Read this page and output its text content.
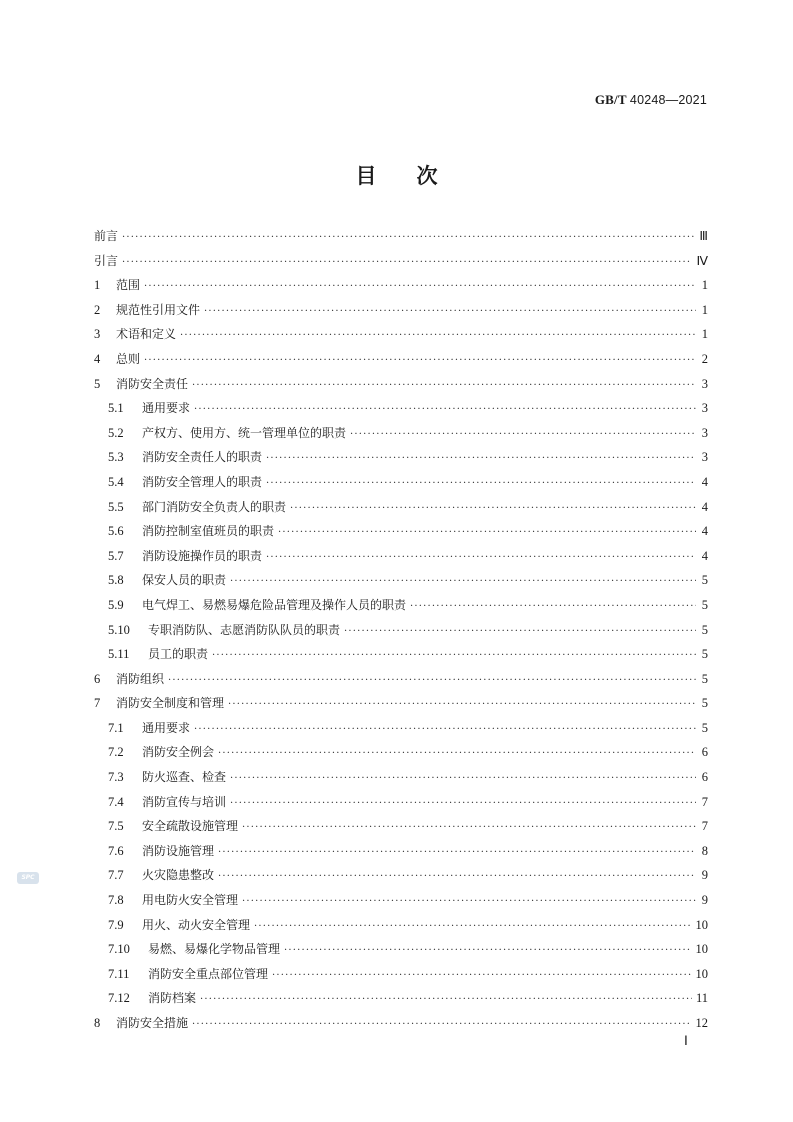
GB/T 40248—2021
目次
前言 ·····	Ⅲ
引言 ·····	Ⅳ
1	范围 ·····	1
2	规范性引用文件 ·····	1
3	术语和定义 ·····	1
4	总则 ·····	2
5	消防安全责任 ·····	3
5.1	通用要求 ·····	3
5.2	产权方、使用方、统一管理单位的职责 ·····	3
5.3	消防安全责任人的职责 ·····	3
5.4	消防安全管理人的职责 ·····	4
5.5	部门消防安全负责人的职责 ·····	4
5.6	消防控制室值班员的职责 ·····	4
5.7	消防设施操作员的职责 ·····	4
5.8	保安人员的职责 ·····	5
5.9	电气焊工、易燃易爆危险品管理及操作人员的职责 ·····	5
5.10	专职消防队、志愿消防队队员的职责 ·····	5
5.11	员工的职责 ·····	5
6	消防组织 ·····	5
7	消防安全制度和管理 ·····	5
7.1	通用要求 ·····	5
7.2	消防安全例会 ·····	6
7.3	防火巡查、检查 ·····	6
7.4	消防宣传与培训 ·····	7
7.5	安全疏散设施管理 ·····	7
7.6	消防设施管理 ·····	8
7.7	火灾隐患整改 ·····	9
7.8	用电防火安全管理 ·····	9
7.9	用火、动火安全管理 ·····	10
7.10	易燃、易爆化学物品管理 ·····	10
7.11	消防安全重点部位管理 ·····	10
7.12	消防档案 ·····	11
8	消防安全措施 ·····	12
SPC
Ⅰ
